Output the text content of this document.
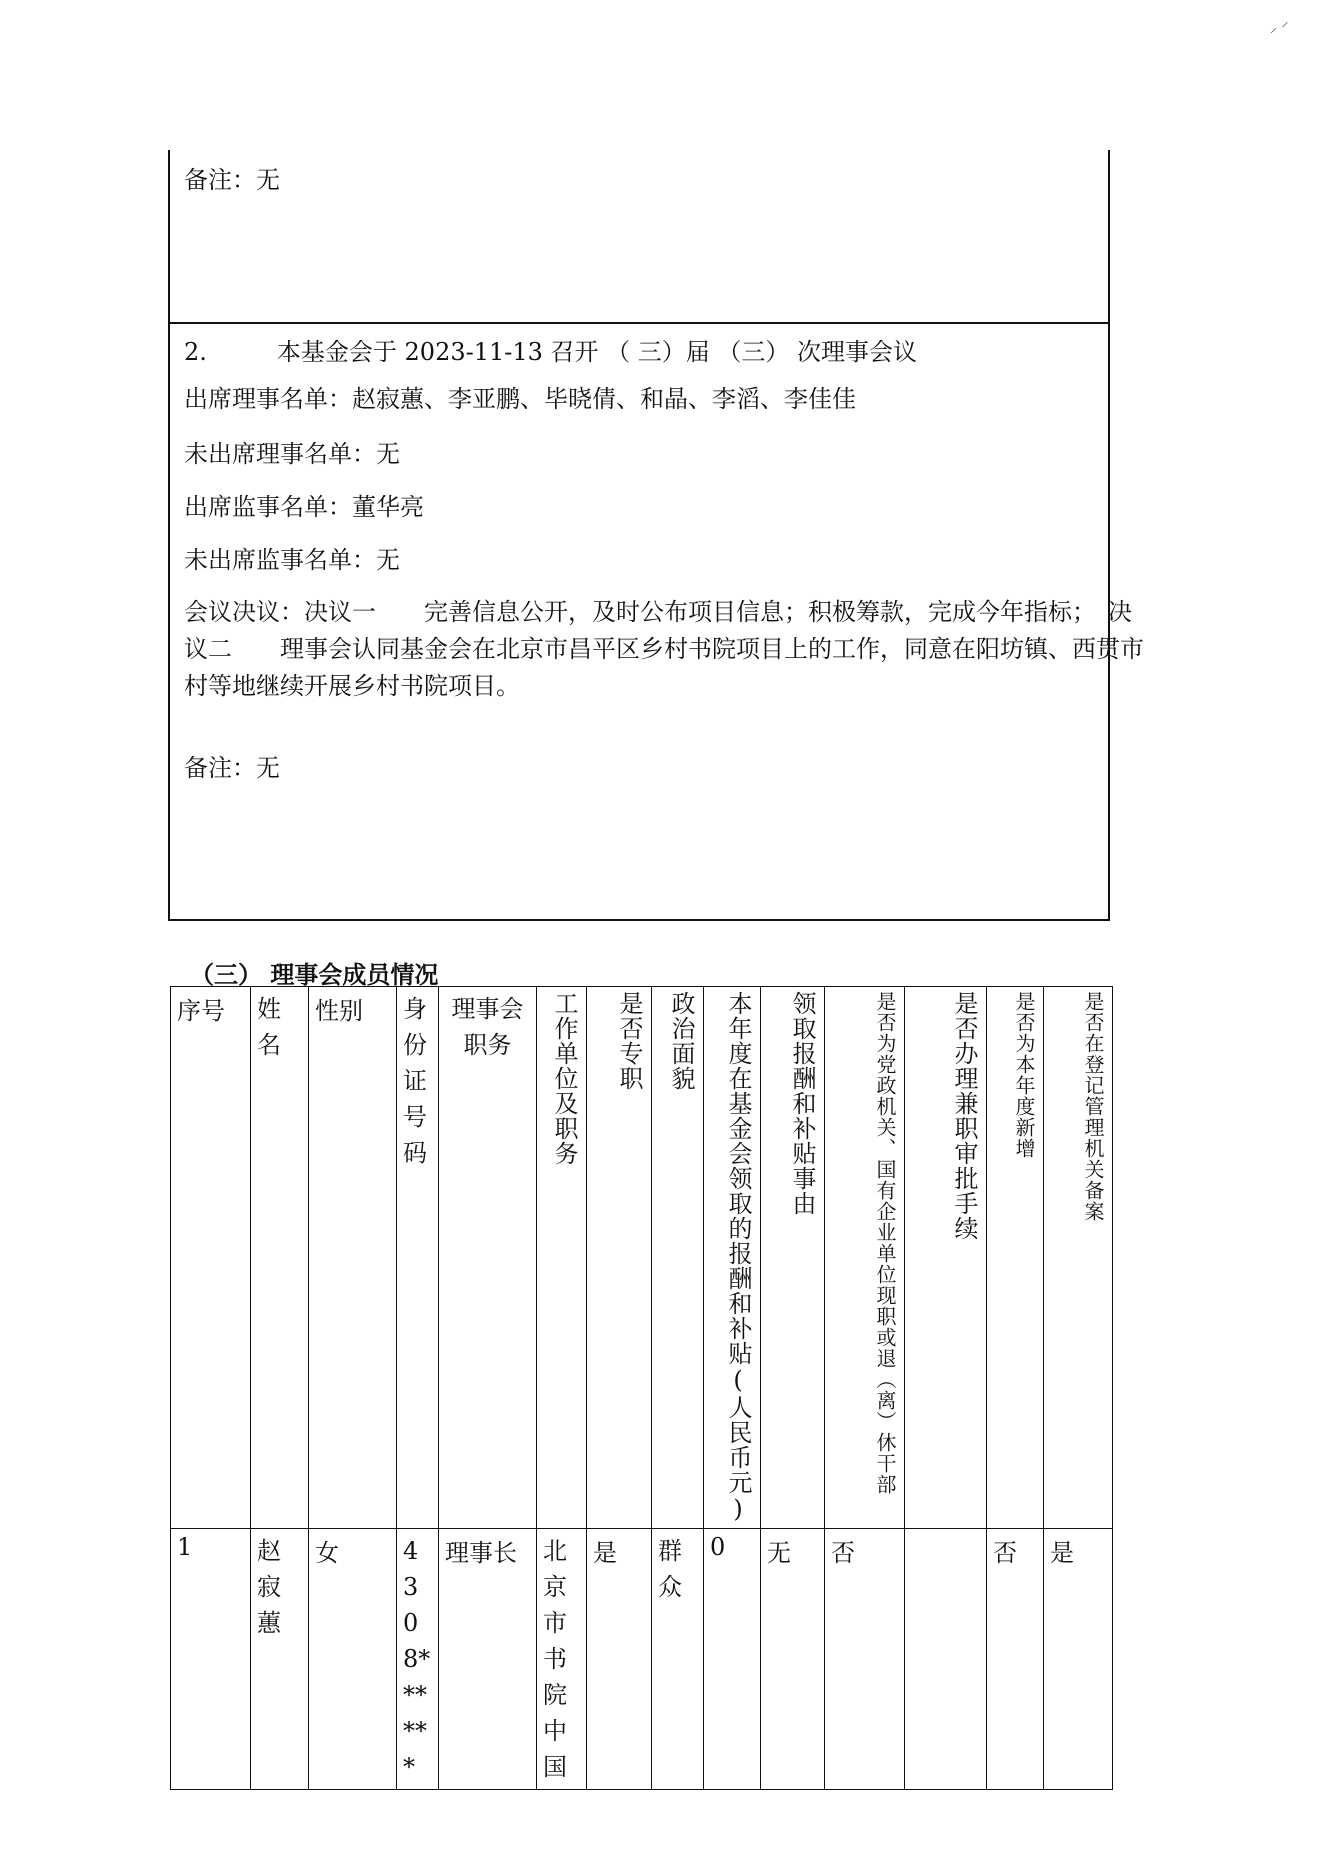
⸝ ⸍
备注：无
2.	本基金会于 2023-11-13 召开 （ 三）届 （三） 次理事会议
出席理事名单：赵寂蕙、李亚鹏、毕晓倩、和晶、李滔、李佳佳
未出席理事名单：无
出席监事名单：董华亮
未出席监事名单：无
会议决议：决议一　　完善信息公开，及时公布项目信息；积极筹款，完成今年指标；　决
议二　　理事会认同基金会在北京市昌平区乡村书院项目上的工作，同意在阳坊镇、西贯市
村等地继续开展乡村书院项目。
备注：无
（三） 理事会成员情况
序号	姓名	性别	身份证号码	理事会职务	工作单位及职务	是否专职	政治面貌	本年度在基金会领取的报酬和补贴(人民币元)	领取报酬和补贴事由	是否为党政机关、国有企业单位现职或退（离）休干部	是否办理兼职审批手续	是否为本年度新增	是否在登记管理机关备案
1	赵寂蕙	女	4308******	理事长	北京市书院中国	是	群众	0	无	否		否	是
